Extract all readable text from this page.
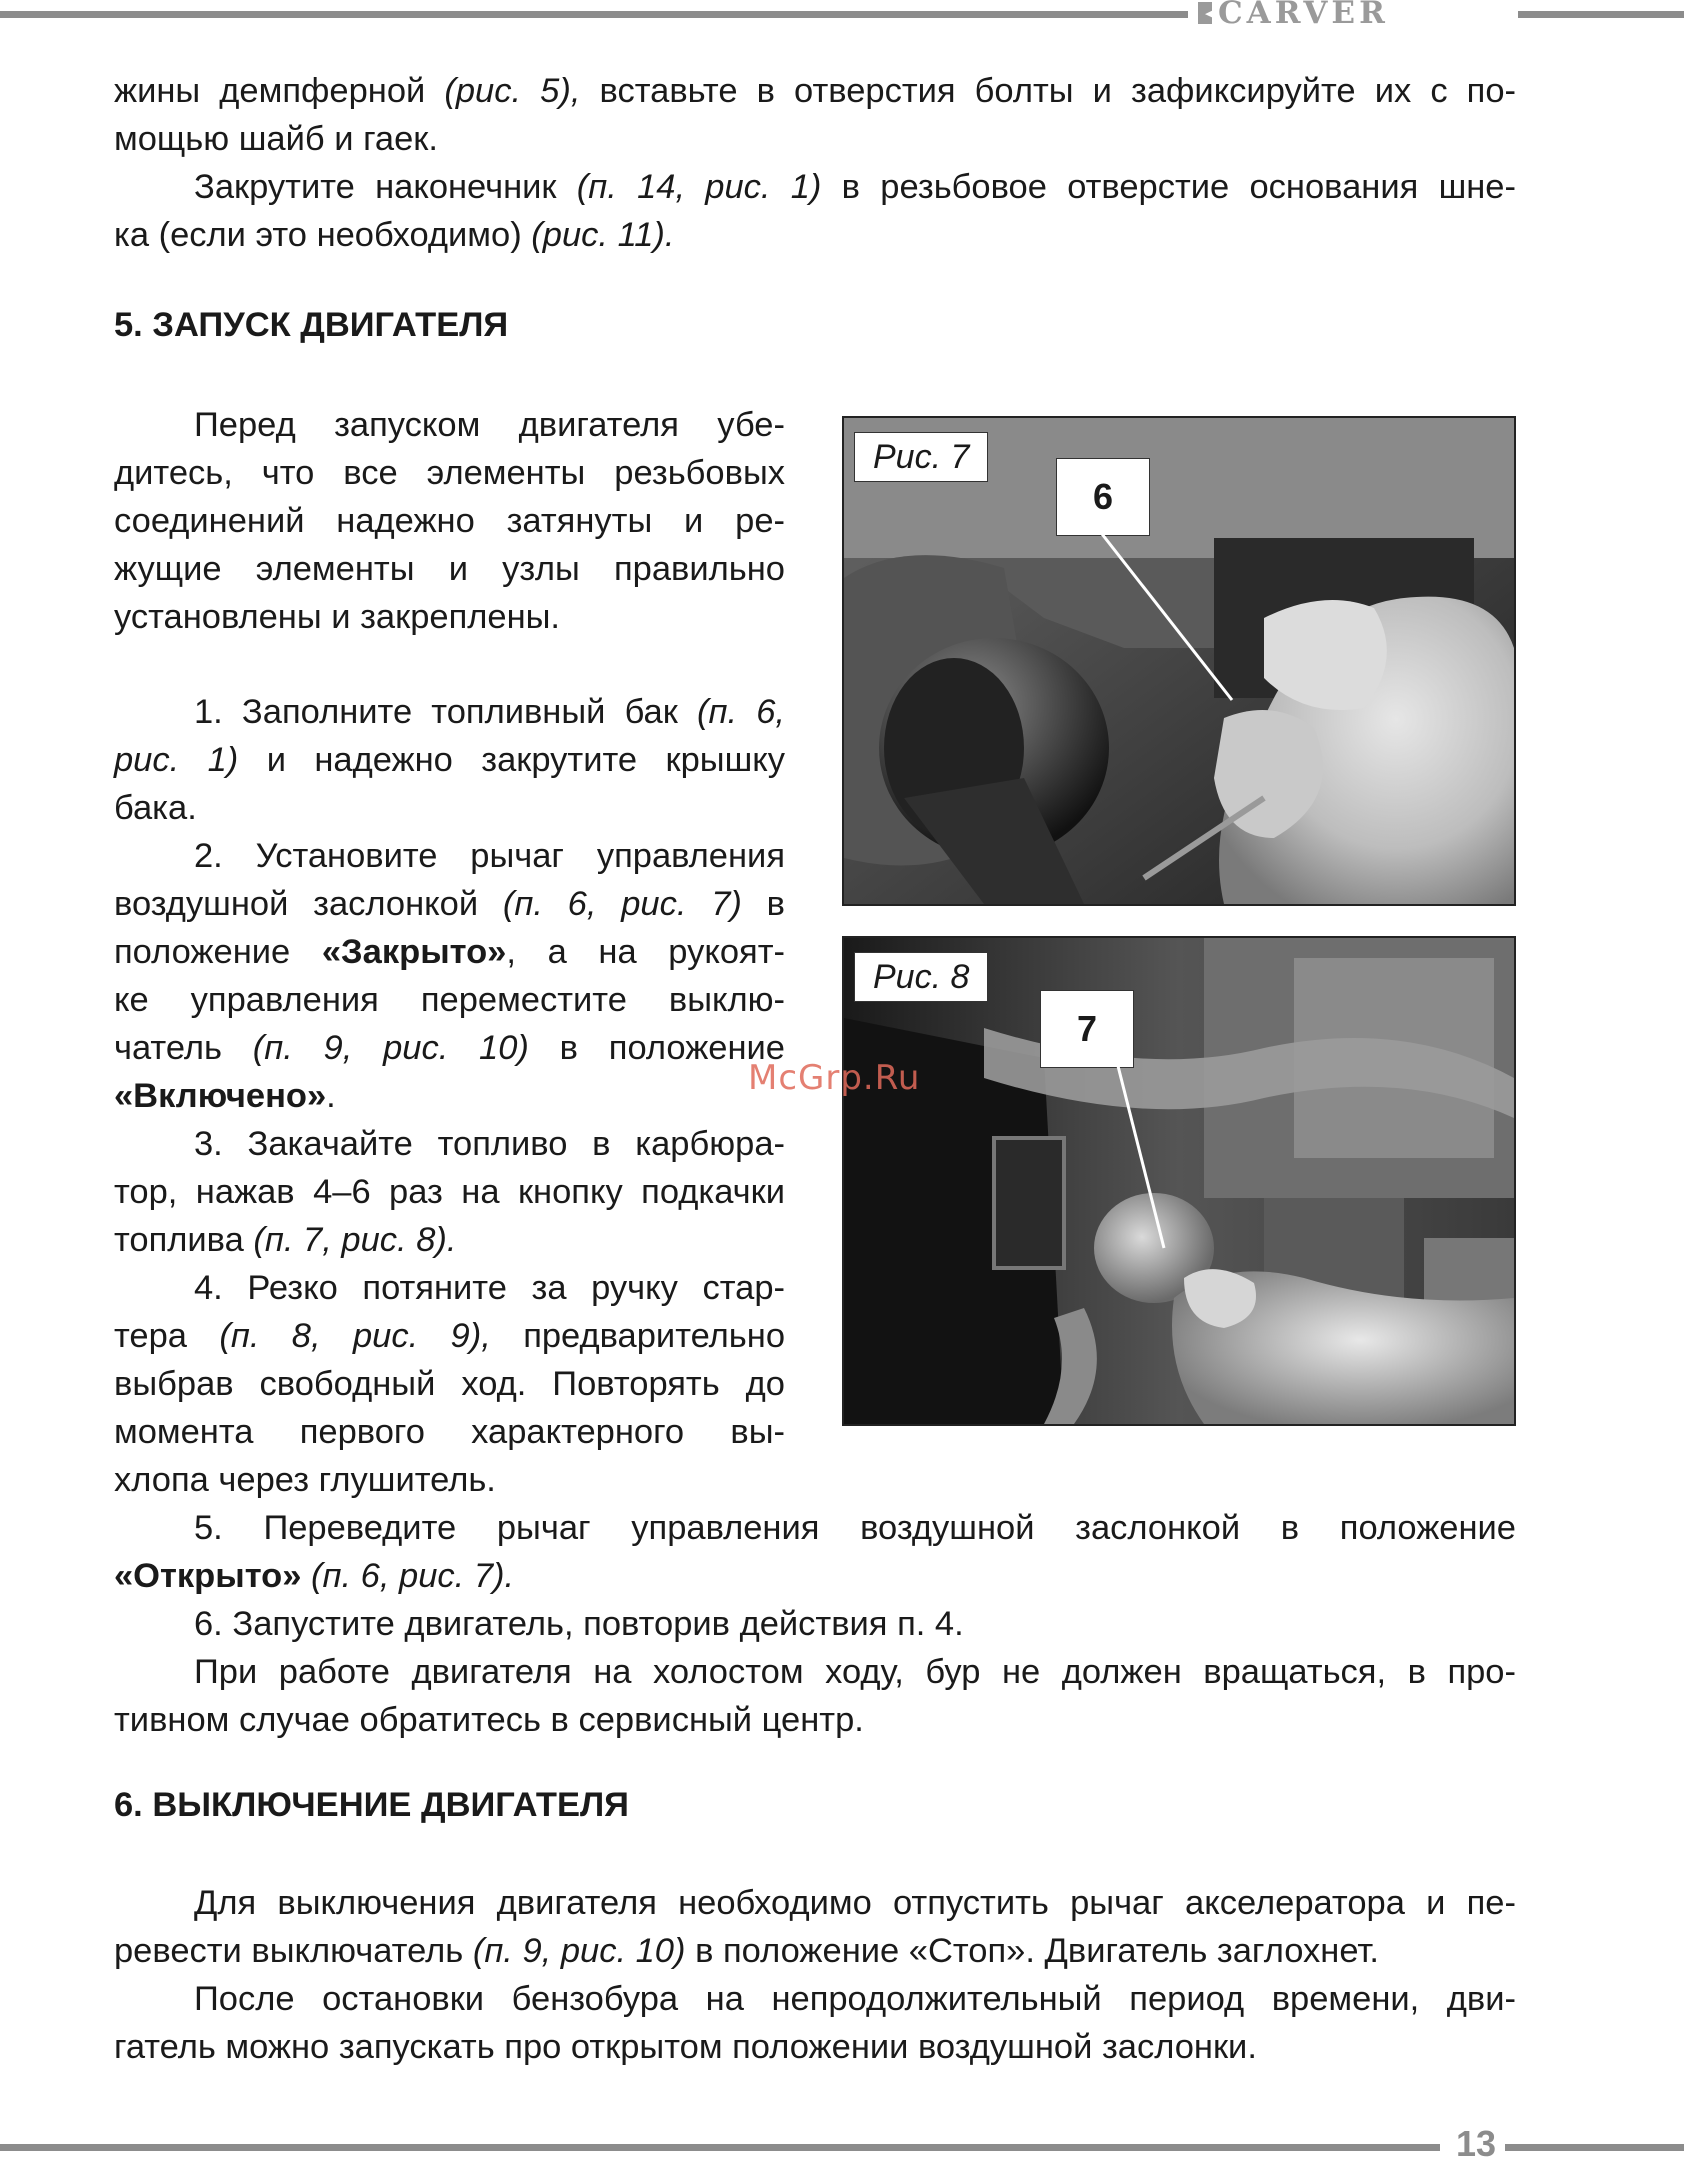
CARVER

жины демпферной (рис. 5), вставьте в отверстия болты и зафиксируйте их с по-

мощью шайб и гаек.

Закрутите наконечник (п. 14, рис. 1) в резьбовое отверстие основания шне-

ка (если это необходимо) (рис. 11).

5. ЗАПУСК ДВИГАТЕЛЯ

Перед запуском двигателя убе-

дитесь, что все элементы резьбовых

соединений надежно затянуты и ре-

жущие элементы и узлы правильно

установлены и закреплены.

1. Заполните топливный бак (п. 6,

рис. 1) и надежно закрутите крышку

бака.

2. Установите рычаг управления

воздушной заслонкой (п. 6, рис. 7) в

положение «Закрыто», а на рукоят-

ке управления переместите выклю-

чатель (п. 9, рис. 10) в положение

«Включено».

3. Закачайте топливо в карбюра-

тор, нажав 4–6 раз на кнопку подкачки

топлива (п. 7, рис. 8).

4. Резко потяните за ручку стар-

тера (п. 8, рис. 9), предварительно

выбрав свободный ход. Повторять до

момента первого характерного вы-

хлопа через глушитель.

5. Переведите рычаг управления воздушной заслонкой в положение

«Открыто» (п. 6, рис. 7).

6. Запустите двигатель, повторив действия п. 4.

При работе двигателя на холостом ходу, бур не должен вращаться, в про-

тивном случае обратитесь в сервисный центр.

6. ВЫКЛЮЧЕНИЕ ДВИГАТЕЛЯ

Для выключения двигателя необходимо отпустить рычаг акселератора и пе-

ревести выключатель (п. 9, рис. 10) в положение «Стоп». Двигатель заглохнет.

После остановки бензобура на непродолжительный период времени, дви-

гатель можно запускать про открытом положении воздушной заслонки.

Рис. 7
6
Рис. 8
7
McGrp.Ru
13
